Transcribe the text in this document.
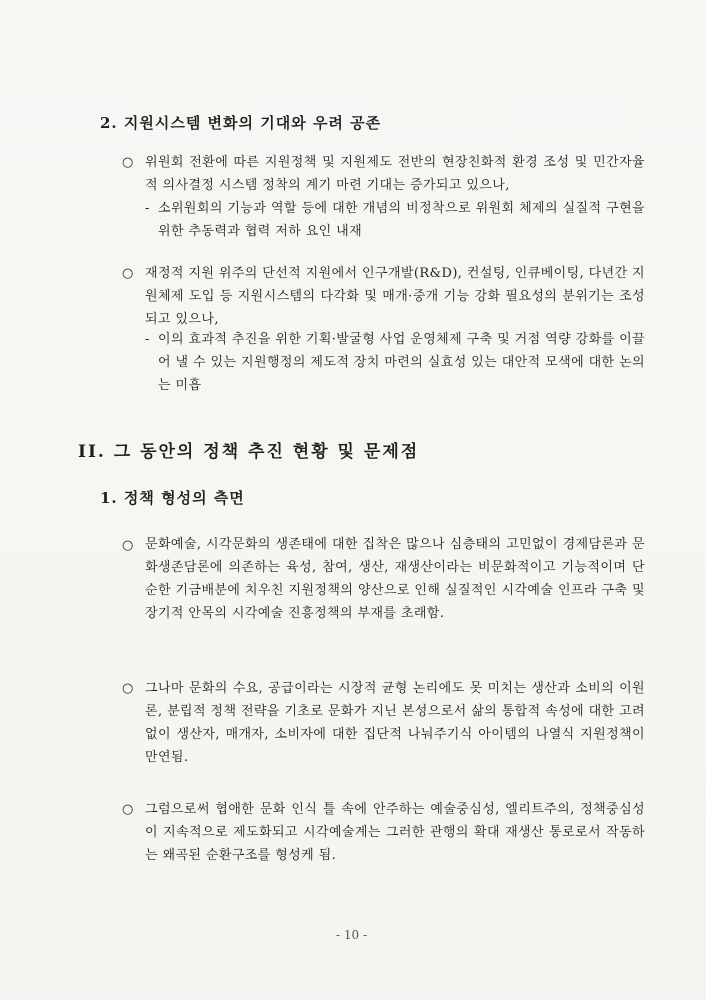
2. 지원시스템 변화의 기대와 우려 공존
○ 위원회 전환에 따른 지원정책 및 지원제도 전반의 현장친화적 환경 조성 및 민간자율적 의사결정 시스템 정착의 계기 마련 기대는 증가되고 있으나,
- 소위원회의 기능과 역할 등에 대한 개념의 비정착으로 위원회 체제의 실질적 구현을 위한 추동력과 협력 저하 요인 내재
○ 재정적 지원 위주의 단선적 지원에서 인구개발(R&D), 컨설팅, 인큐베이팅, 다년간 지원체제 도입 등 지원시스템의 다각화 및 매개·중개 기능 강화 필요성의 분위기는 조성되고 있으나,
- 이의 효과적 추진을 위한 기획·발굴형 사업 운영체제 구축 및 거점 역량 강화를 이끌어 낼 수 있는 지원행정의 제도적 장치 마련의 실효성 있는 대안적 모색에 대한 논의는 미흡
II. 그 동안의 정책 추진 현황 및 문제점
1. 정책 형성의 측면
○ 문화예술, 시각문화의 생존태에 대한 집착은 많으나 심층태의 고민없이 경제담론과 문화생존담론에 의존하는 육성, 참여, 생산, 재생산이라는 비문화적이고 기능적이며 단순한 기금배분에 치우친 지원정책의 양산으로 인해 실질적인 시각예술 인프라 구축 및 장기적 안목의 시각예술 진흥정책의 부재를 초래함.
○ 그나마 문화의 수요, 공급이라는 시장적 균형 논리에도 못 미치는 생산과 소비의 이원론, 분립적 정책 전략을 기초로 문화가 지닌 본성으로서 삶의 통합적 속성에 대한 고려없이 생산자, 매개자, 소비자에 대한 집단적 나눠주기식 아이템의 나열식 지원정책이 만연됨.
○ 그럼으로써 협애한 문화 인식 틀 속에 안주하는 예술중심성, 엘리트주의, 정책중심성이 지속적으로 제도화되고 시각예술계는 그러한 관행의 확대 재생산 통로로서 작동하는 왜곡된 순환구조를 형성케 됨.
- 10 -
